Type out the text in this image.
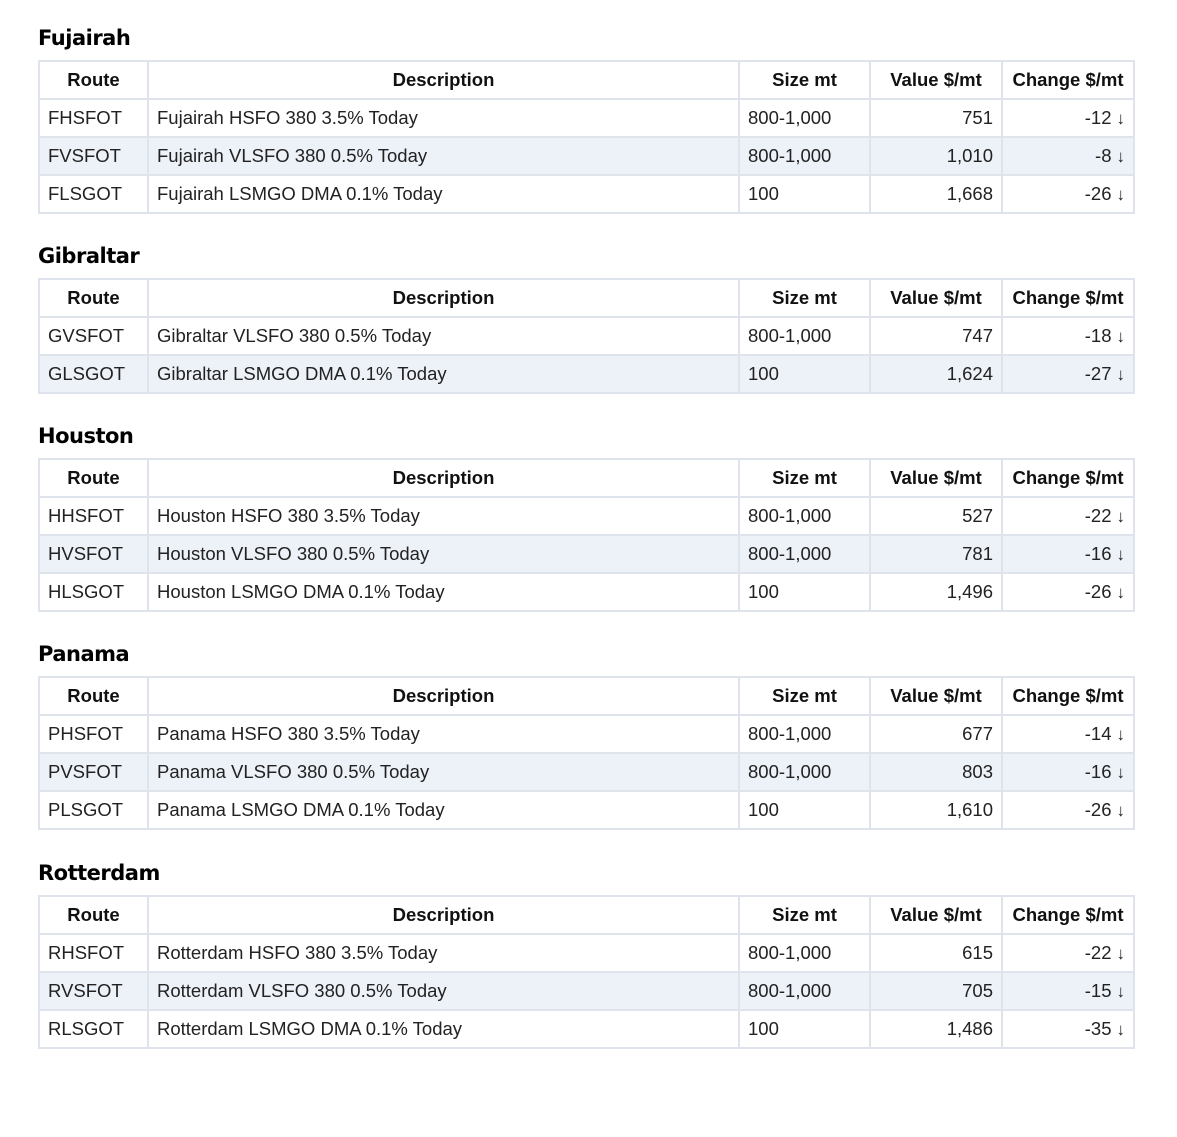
Fujairah
Route	Description	Size mt	Value $/mt	Change $/mt
FHSFOT	Fujairah HSFO 380 3.5% Today	800-1,000	751	-12 ↓
FVSFOT	Fujairah VLSFO 380 0.5% Today	800-1,000	1,010	-8 ↓
FLSGOT	Fujairah LSMGO DMA 0.1% Today	100	1,668	-26 ↓
Gibraltar
Route	Description	Size mt	Value $/mt	Change $/mt
GVSFOT	Gibraltar VLSFO 380 0.5% Today	800-1,000	747	-18 ↓
GLSGOT	Gibraltar LSMGO DMA 0.1% Today	100	1,624	-27 ↓
Houston
Route	Description	Size mt	Value $/mt	Change $/mt
HHSFOT	Houston HSFO 380 3.5% Today	800-1,000	527	-22 ↓
HVSFOT	Houston VLSFO 380 0.5% Today	800-1,000	781	-16 ↓
HLSGOT	Houston LSMGO DMA 0.1% Today	100	1,496	-26 ↓
Panama
Route	Description	Size mt	Value $/mt	Change $/mt
PHSFOT	Panama HSFO 380 3.5% Today	800-1,000	677	-14 ↓
PVSFOT	Panama VLSFO 380 0.5% Today	800-1,000	803	-16 ↓
PLSGOT	Panama LSMGO DMA 0.1% Today	100	1,610	-26 ↓
Rotterdam
Route	Description	Size mt	Value $/mt	Change $/mt
RHSFOT	Rotterdam HSFO 380 3.5% Today	800-1,000	615	-22 ↓
RVSFOT	Rotterdam VLSFO 380 0.5% Today	800-1,000	705	-15 ↓
RLSGOT	Rotterdam LSMGO DMA 0.1% Today	100	1,486	-35 ↓
